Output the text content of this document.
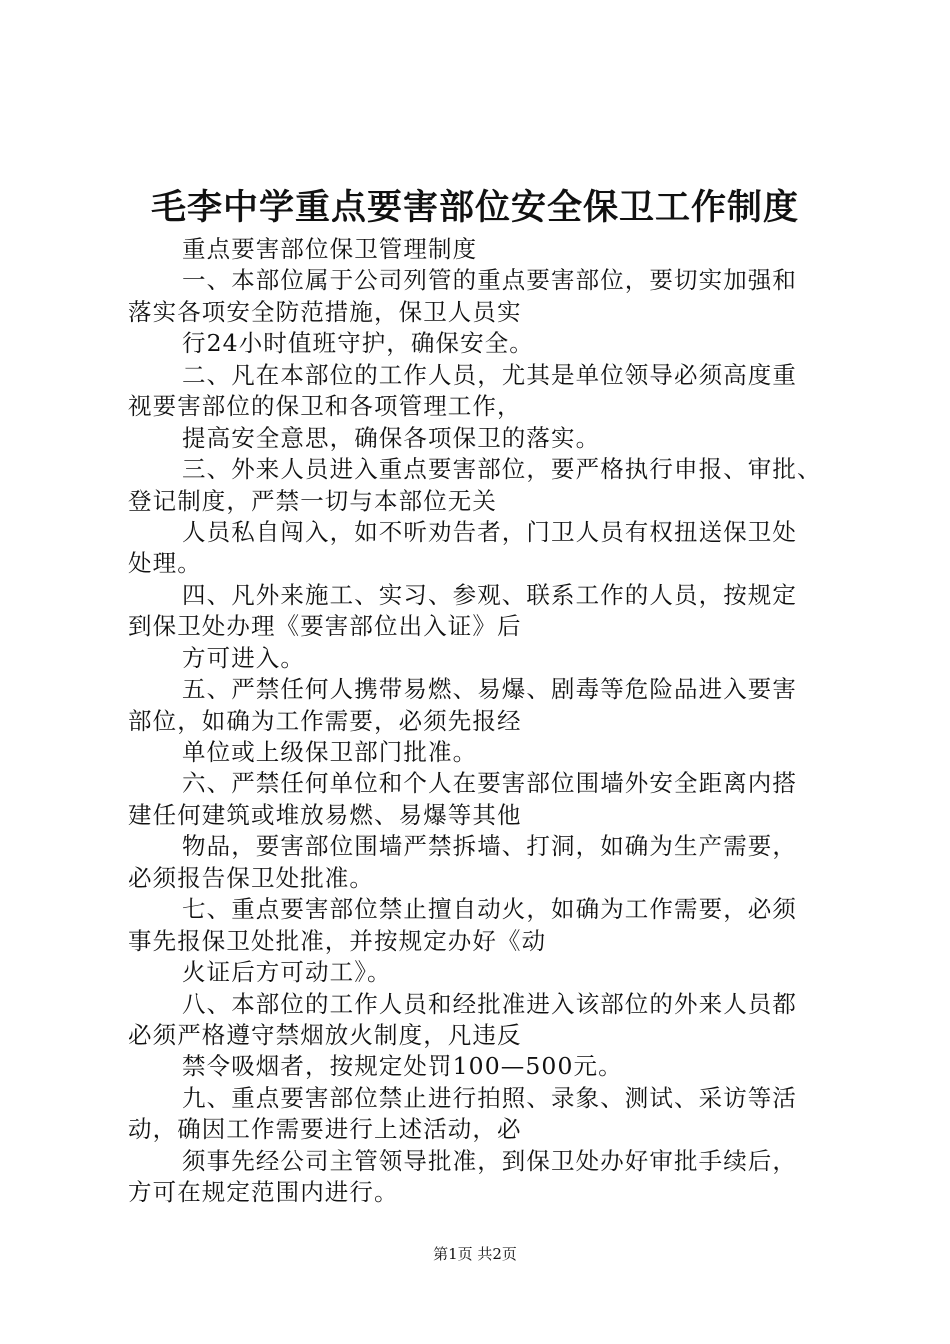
毛李中学重点要害部位安全保卫工作制度
重点要害部位保卫管理制度
一、本部位属于公司列管的重点要害部位，要切实加强和
落实各项安全防范措施，保卫人员实
行24小时值班守护，确保安全。
二、凡在本部位的工作人员，尤其是单位领导必须高度重
视要害部位的保卫和各项管理工作，
提高安全意思，确保各项保卫的落实。
三、外来人员进入重点要害部位，要严格执行申报、审批、
登记制度，严禁一切与本部位无关
人员私自闯入，如不听劝告者，门卫人员有权扭送保卫处
处理。
四、凡外来施工、实习、参观、联系工作的人员，按规定
到保卫处办理《要害部位出入证》后
方可进入。
五、严禁任何人携带易燃、易爆、剧毒等危险品进入要害
部位，如确为工作需要，必须先报经
单位或上级保卫部门批准。
六、严禁任何单位和个人在要害部位围墙外安全距离内搭
建任何建筑或堆放易燃、易爆等其他
物品，要害部位围墙严禁拆墙、打洞，如确为生产需要，
必须报告保卫处批准。
七、重点要害部位禁止擅自动火，如确为工作需要，必须
事先报保卫处批准，并按规定办好《动
火证后方可动工》。
八、本部位的工作人员和经批准进入该部位的外来人员都
必须严格遵守禁烟放火制度，凡违反
禁令吸烟者，按规定处罚100—500元。
九、重点要害部位禁止进行拍照、录象、测试、采访等活
动，确因工作需要进行上述活动，必
须事先经公司主管领导批准，到保卫处办好审批手续后，
方可在规定范围内进行。
第1页 共2页
